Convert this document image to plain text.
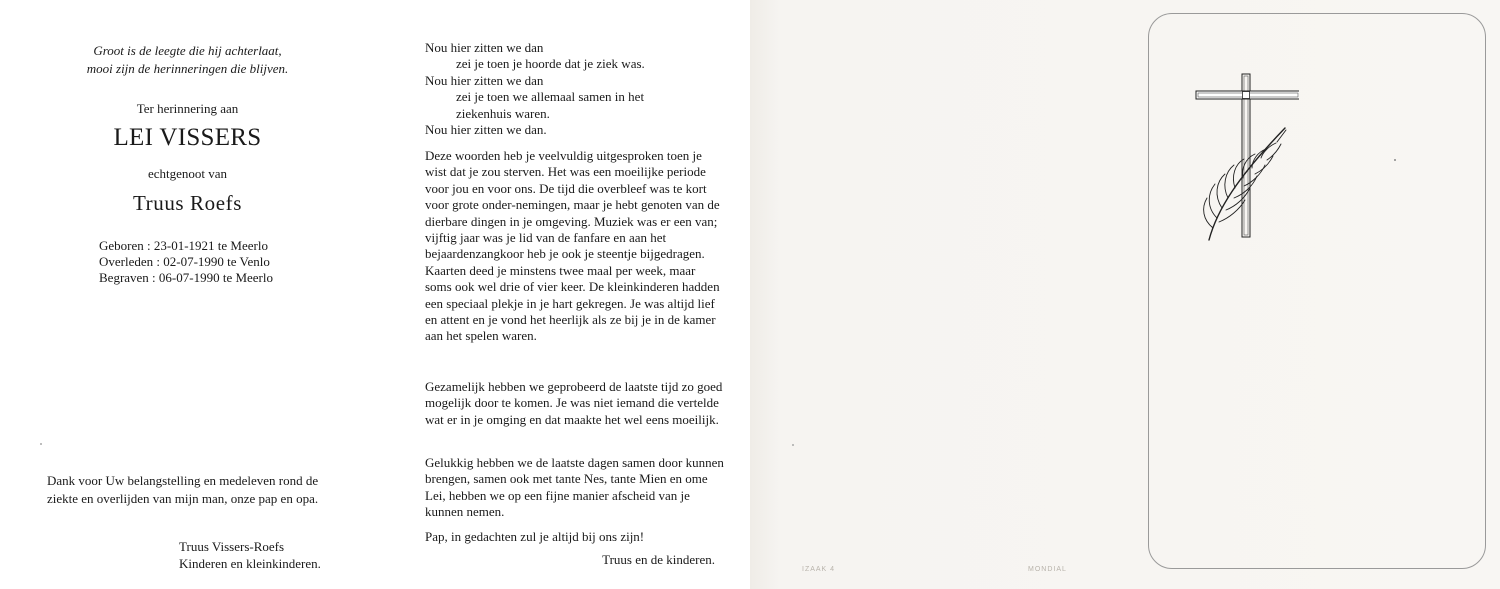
Groot is de leegte die hij achterlaat,
mooi zijn de herinneringen die blijven.
Ter herinnering aan
LEI VISSERS
echtgenoot van
Truus Roefs
Geboren : 23-01-1921 te Meerlo
Overleden : 02-07-1990 te Venlo
Begraven : 06-07-1990 te Meerlo
Dank voor Uw belangstelling en medeleven rond de ziekte en overlijden van mijn man, onze pap en opa.
Truus Vissers-Roefs
Kinderen en kleinkinderen.
Nou hier zitten we dan
zei je toen je hoorde dat je ziek was.
Nou hier zitten we dan
zei je toen we allemaal samen in het
ziekenhuis waren.
Nou hier zitten we dan.
Deze woorden heb je veelvuldig uitgesproken toen je wist dat je zou sterven. Het was een moeilijke periode voor jou en voor ons. De tijd die overbleef was te kort voor grote onder-nemingen, maar je hebt genoten van de dierbare dingen in je omgeving. Muziek was er een van; vijftig jaar was je lid van de fanfare en aan het bejaardenzangkoor heb je ook je steentje bijgedragen. Kaarten deed je minstens twee maal per week, maar soms ook wel drie of vier keer. De kleinkinderen hadden een speciaal plekje in je hart gekregen. Je was altijd lief en attent en je vond het heerlijk als ze bij je in de kamer aan het spelen waren.
Gezamelijk hebben we geprobeerd de laatste tijd zo goed mogelijk door te komen. Je was niet iemand die vertelde wat er in je omging en dat maakte het wel eens moeilijk.
Gelukkig hebben we de laatste dagen samen door kunnen brengen, samen ook met tante Nes, tante Mien en ome Lei, hebben we op een fijne manier afscheid van je kunnen nemen.
Pap, in gedachten zul je altijd bij ons zijn!
Truus en de kinderen.
IZAAK 4	MONDIAL
